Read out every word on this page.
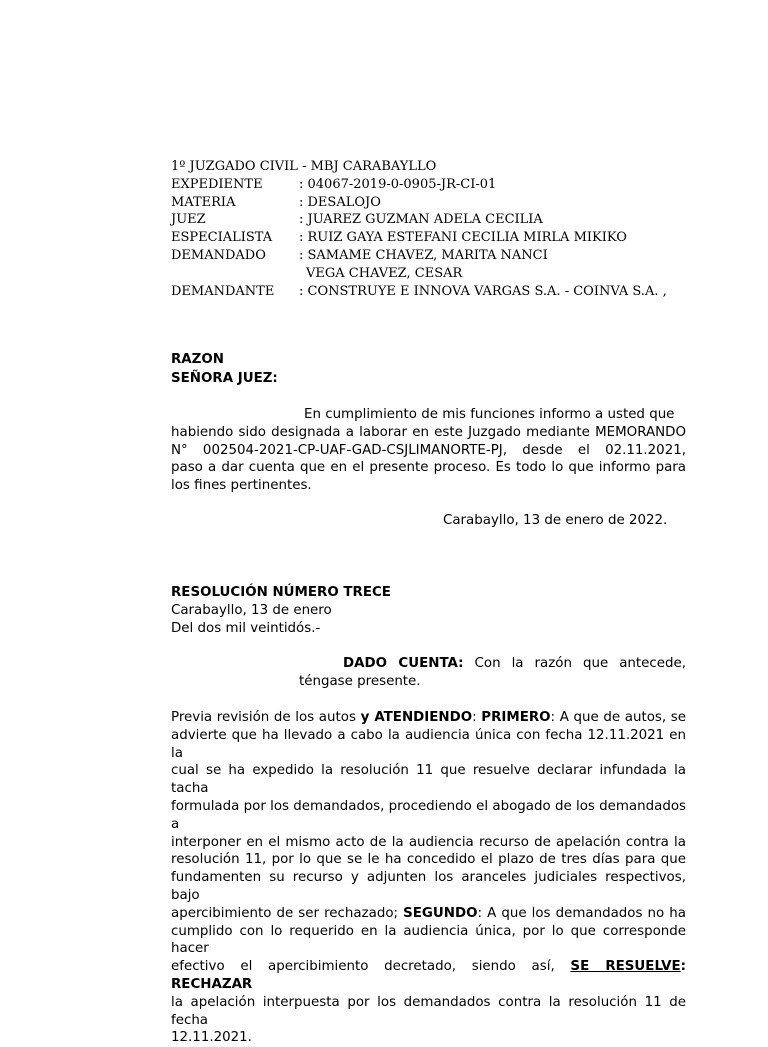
1º JUZGADO CIVIL - MBJ CARABAYLLO
EXPEDIENTE	: 04067-2019-0-0905-JR-CI-01
MATERIA	: DESALOJO
JUEZ	: JUAREZ GUZMAN ADELA CECILIA
ESPECIALISTA	: RUIZ GAYA ESTEFANI CECILIA MIRLA MIKIKO
DEMANDADO	: SAMAME CHAVEZ, MARITA NANCI
VEGA CHAVEZ, CESAR
DEMANDANTE	: CONSTRUYE E INNOVA VARGAS S.A. - COINVA S.A. ,
RAZON
SEÑORA JUEZ:
En cumplimiento de mis funciones informo a usted que
habiendo sido designada a laborar en este Juzgado mediante MEMORANDO
N° 002504-2021-CP-UAF-GAD-CSJLIMANORTE-PJ, desde el 02.11.2021,
paso a dar cuenta que en el presente proceso. Es todo lo que informo para
los fines pertinentes.
Carabayllo, 13 de enero de 2022.
RESOLUCIÓN NÚMERO TRECE
Carabayllo, 13 de enero
Del dos mil veintidós.-
DADO CUENTA: Con la razón que antecede,
téngase presente.
Previa revisión de los autos y ATENDIENDO: PRIMERO: A que de autos, se
advierte que ha llevado a cabo la audiencia única con fecha 12.11.2021 en la
cual se ha expedido la resolución 11 que resuelve declarar infundada la tacha
formulada por los demandados, procediendo el abogado de los demandados a
interponer en el mismo acto de la audiencia recurso de apelación contra la
resolución 11, por lo que se le ha concedido el plazo de tres días para que
fundamenten su recurso y adjunten los aranceles judiciales respectivos, bajo
apercibimiento de ser rechazado; SEGUNDO: A que los demandados no ha
cumplido con lo requerido en la audiencia única, por lo que corresponde hacer
efectivo el apercibimiento decretado, siendo así, SE RESUELVE: RECHAZAR
la apelación interpuesta por los demandados contra la resolución 11 de fecha
12.11.2021.
